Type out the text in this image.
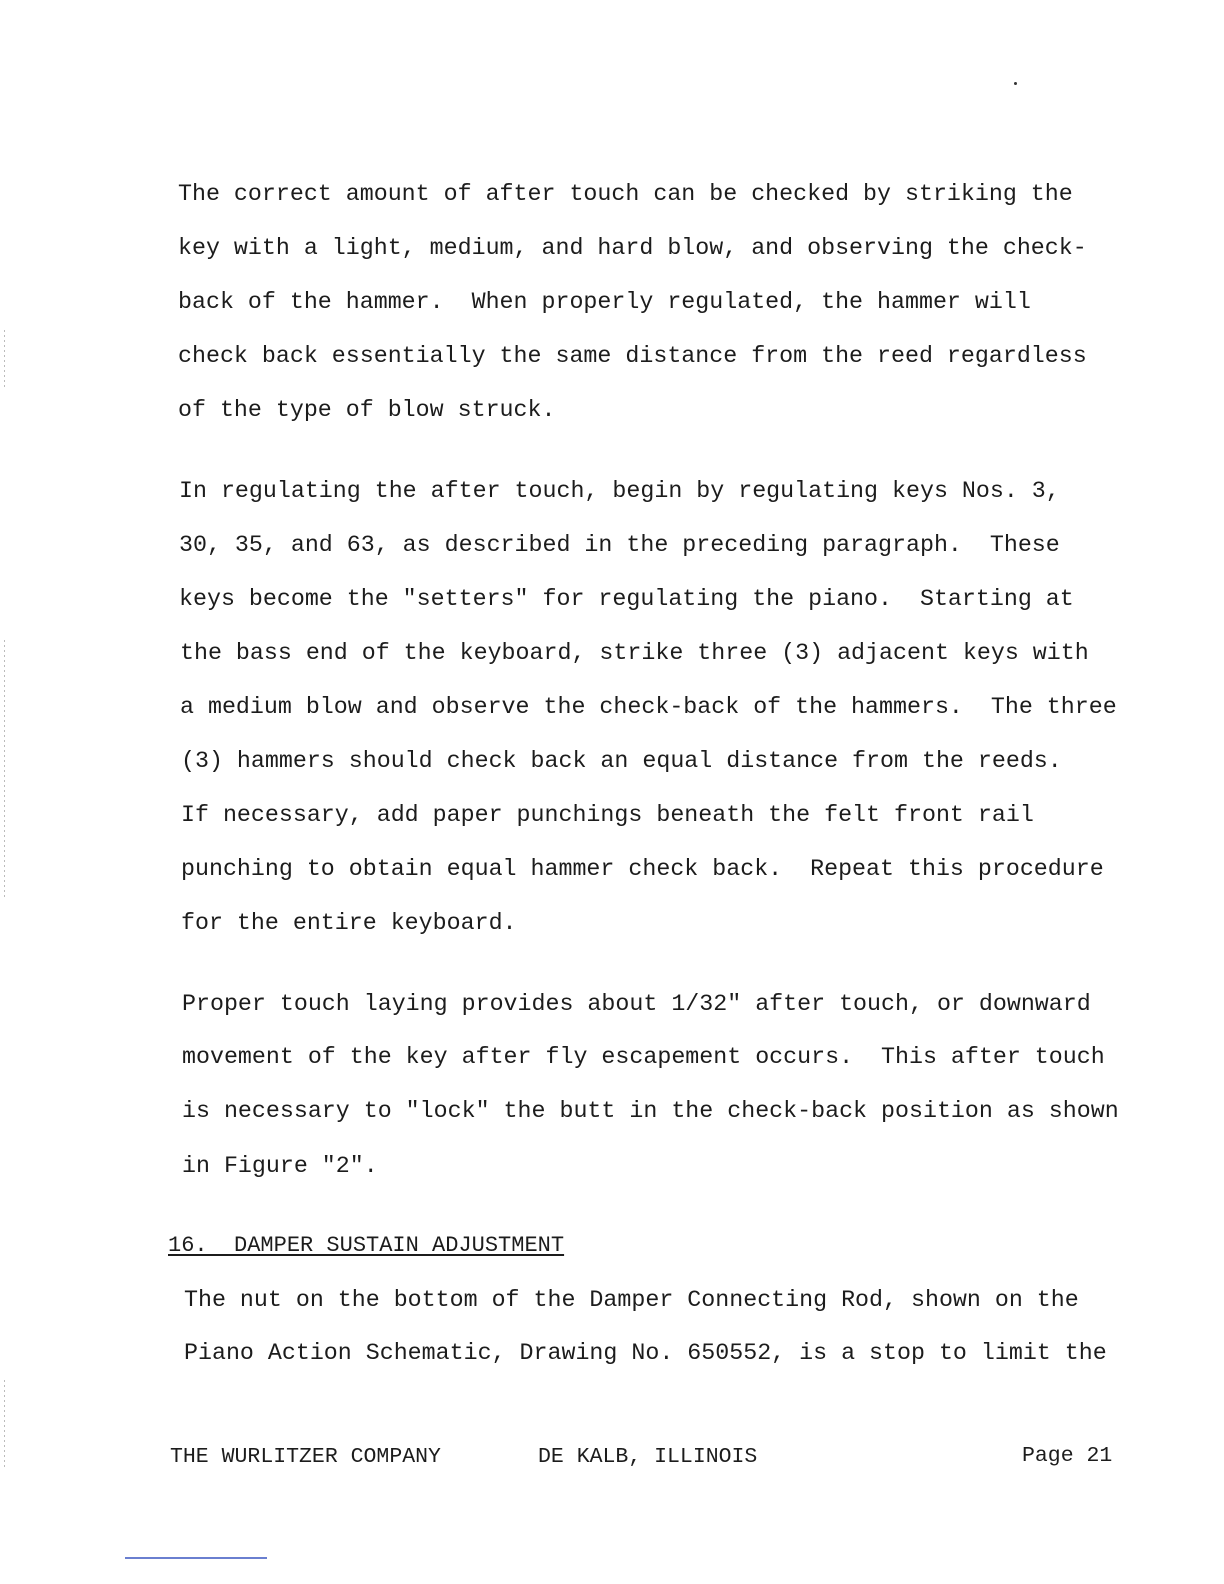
The correct amount of after touch can be checked by striking the
key with a light, medium, and hard blow, and observing the check-
back of the hammer.  When properly regulated, the hammer will
check back essentially the same distance from the reed regardless
of the type of blow struck.
In regulating the after touch, begin by regulating keys Nos. 3,
30, 35, and 63, as described in the preceding paragraph.  These
keys become the "setters" for regulating the piano.  Starting at
the bass end of the keyboard, strike three (3) adjacent keys with
a medium blow and observe the check-back of the hammers.  The three
(3) hammers should check back an equal distance from the reeds.
If necessary, add paper punchings beneath the felt front rail
punching to obtain equal hammer check back.  Repeat this procedure
for the entire keyboard.
Proper touch laying provides about 1/32" after touch, or downward
movement of the key after fly escapement occurs.  This after touch
is necessary to "lock" the butt in the check-back position as shown
in Figure "2".
16.  DAMPER SUSTAIN ADJUSTMENT
The nut on the bottom of the Damper Connecting Rod, shown on the
Piano Action Schematic, Drawing No. 650552, is a stop to limit the
THE WURLITZER COMPANY	DE KALB, ILLINOIS	Page 21
